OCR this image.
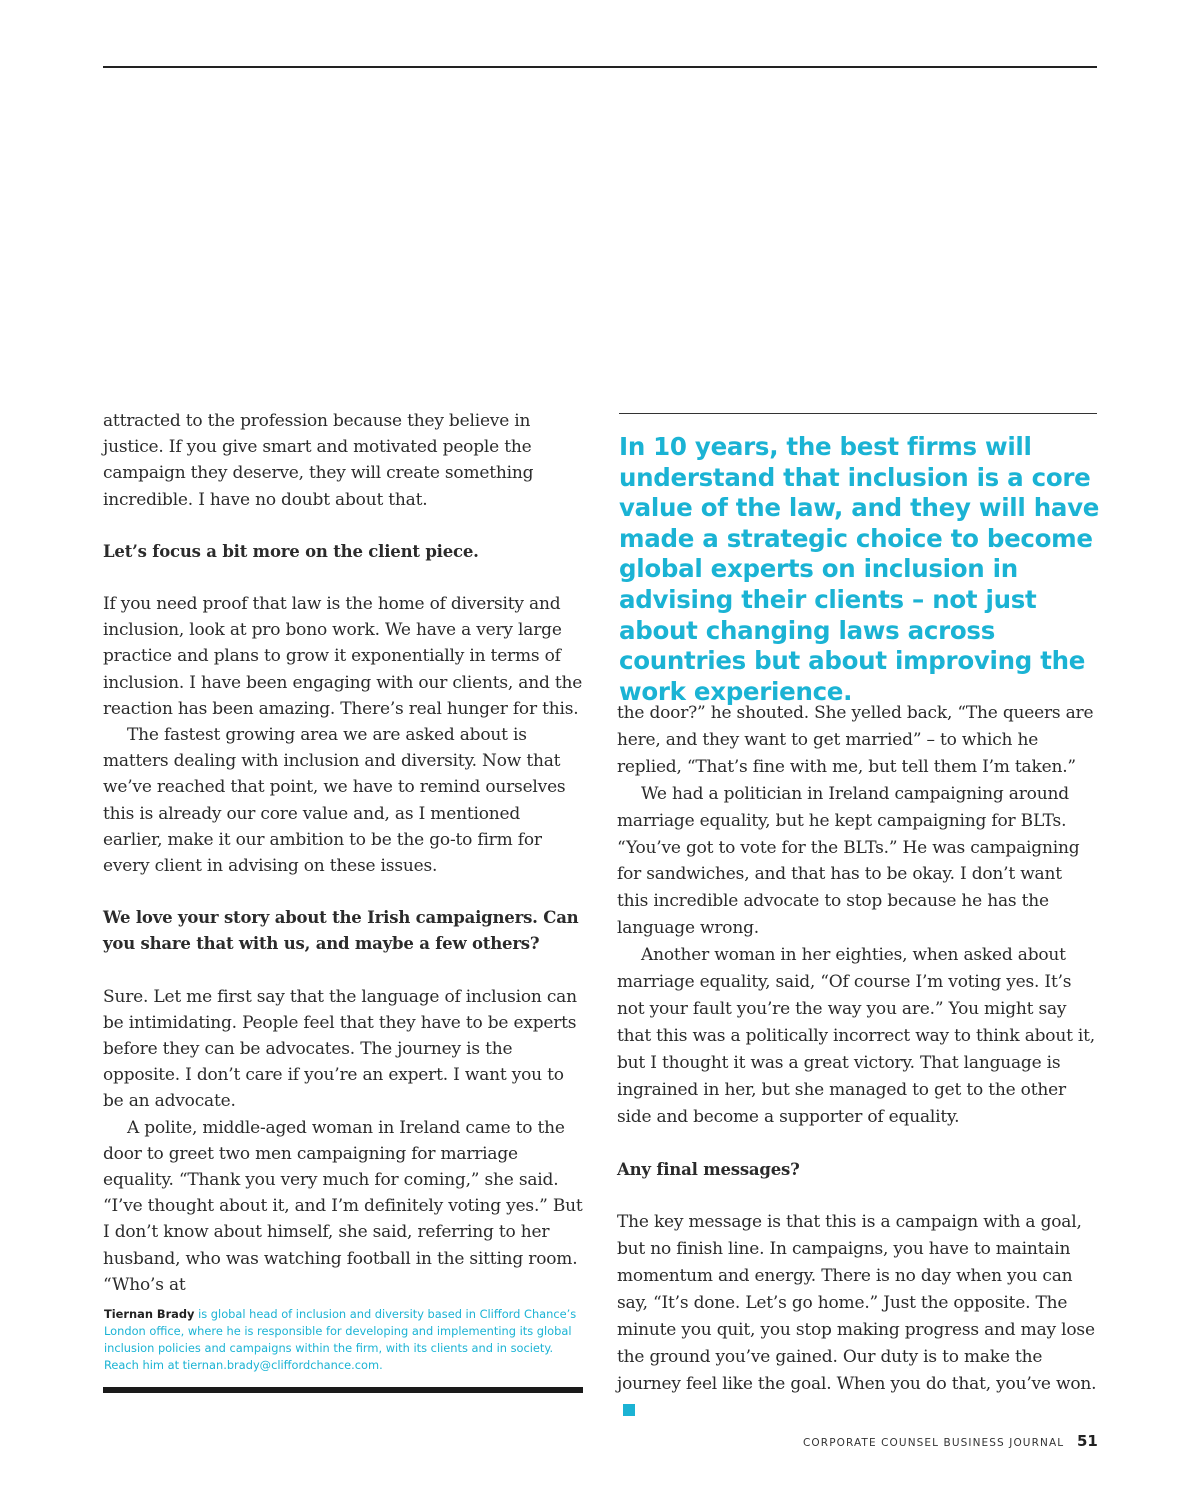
attracted to the profession because they believe in justice. If you give smart and motivated people the campaign they deserve, they will create something incredible. I have no doubt about that.

Let’s focus a bit more on the client piece.

If you need proof that law is the home of diversity and inclusion, look at pro bono work. We have a very large practice and plans to grow it exponentially in terms of inclusion. I have been engaging with our clients, and the reaction has been amazing. There’s real hunger for this.

The fastest growing area we are asked about is matters dealing with inclusion and diversity. Now that we’ve reached that point, we have to remind ourselves this is already our core value and, as I mentioned earlier, make it our ambition to be the go-to firm for every client in advising on these issues.

We love your story about the Irish campaigners. Can you share that with us, and maybe a few others?

Sure. Let me first say that the language of inclusion can be intimidating. People feel that they have to be experts before they can be advocates. The journey is the opposite. I don’t care if you’re an expert. I want you to be an advocate.

A polite, middle-aged woman in Ireland came to the door to greet two men campaigning for marriage equality. “Thank you very much for coming,” she said. “I’ve thought about it, and I’m definitely voting yes.” But I don’t know about himself, she said, referring to her husband, who was watching football in the sitting room. “Who’s at

In 10 years, the best firms will understand that inclusion is a core value of the law, and they will have made a strategic choice to become global experts on inclusion in advising their clients – not just about changing laws across countries but about improving the work experience.

the door?” he shouted. She yelled back, “The queers are here, and they want to get married” – to which he replied, “That’s fine with me, but tell them I’m taken.”

We had a politician in Ireland campaigning around marriage equality, but he kept campaigning for BLTs. “You’ve got to vote for the BLTs.” He was campaigning for sandwiches, and that has to be okay. I don’t want this incredible advocate to stop because he has the language wrong.

Another woman in her eighties, when asked about marriage equality, said, “Of course I’m voting yes. It’s not your fault you’re the way you are.” You might say that this was a politically incorrect way to think about it, but I thought it was a great victory. That language is ingrained in her, but she managed to get to the other side and become a supporter of equality.

Any final messages?

The key message is that this is a campaign with a goal, but no finish line. In campaigns, you have to maintain momentum and energy. There is no day when you can say, “It’s done. Let’s go home.” Just the opposite. The minute you quit, you stop making progress and may lose the ground you’ve gained. Our duty is to make the journey feel like the goal. When you do that, you’ve won.

Tiernan Brady is global head of inclusion and diversity based in Clifford Chance’s London office, where he is responsible for developing and implementing its global inclusion policies and campaigns within the firm, with its clients and in society. Reach him at tiernan.brady@cliffordchance.com.
CORPORATE COUNSEL BUSINESS JOURNAL 51
